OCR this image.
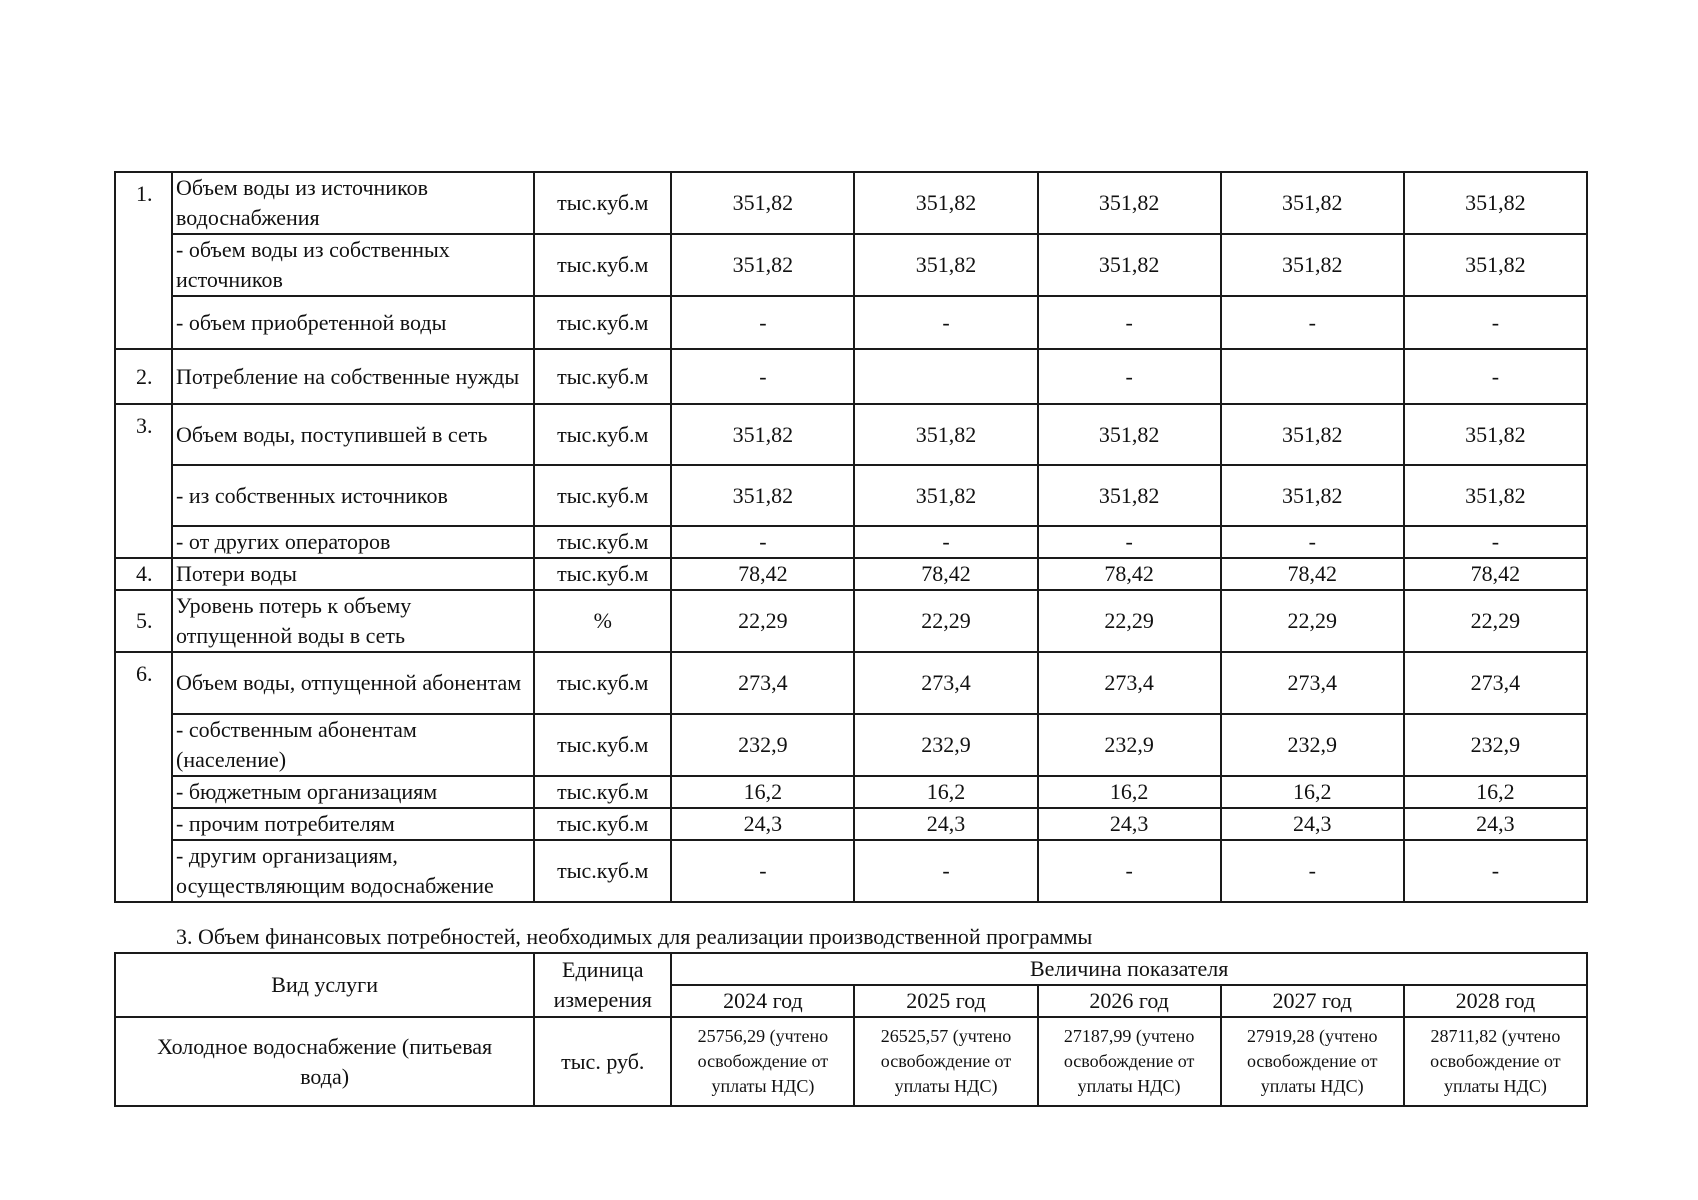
1.	Объем воды из источников водоснабжения	тыс.куб.м	351,82	351,82	351,82	351,82	351,82
	- объем воды из собственных источников	тыс.куб.м	351,82	351,82	351,82	351,82	351,82
	- объем приобретенной воды	тыс.куб.м	-	-	-	-	-
2.	Потребление на собственные нужды	тыс.куб.м	-		-		-
3.	Объем воды, поступившей в сеть	тыс.куб.м	351,82	351,82	351,82	351,82	351,82
	- из собственных источников	тыс.куб.м	351,82	351,82	351,82	351,82	351,82
	- от других операторов	тыс.куб.м	-	-	-	-	-
4.	Потери воды	тыс.куб.м	78,42	78,42	78,42	78,42	78,42
5.	Уровень потерь к объему отпущенной воды в сеть	%	22,29	22,29	22,29	22,29	22,29
6.	Объем воды, отпущенной абонентам	тыс.куб.м	273,4	273,4	273,4	273,4	273,4
	- собственным абонентам (население)	тыс.куб.м	232,9	232,9	232,9	232,9	232,9
	- бюджетным организациям	тыс.куб.м	16,2	16,2	16,2	16,2	16,2
	- прочим потребителям	тыс.куб.м	24,3	24,3	24,3	24,3	24,3
	- другим организациям, осуществляющим водоснабжение	тыс.куб.м	-	-	-	-	-
3. Объем финансовых потребностей, необходимых для реализации производственной программы
Вид услуги	Единица измерения	Величина показателя				
		2024 год	2025 год	2026 год	2027 год	2028 год
Холодное водоснабжение (питьевая вода)	тыс. руб.	25756,29 (учтено освобождение от уплаты НДС)	26525,57 (учтено освобождение от уплаты НДС)	27187,99 (учтено освобождение от уплаты НДС)	27919,28 (учтено освобождение от уплаты НДС)	28711,82 (учтено освобождение от уплаты НДС)
